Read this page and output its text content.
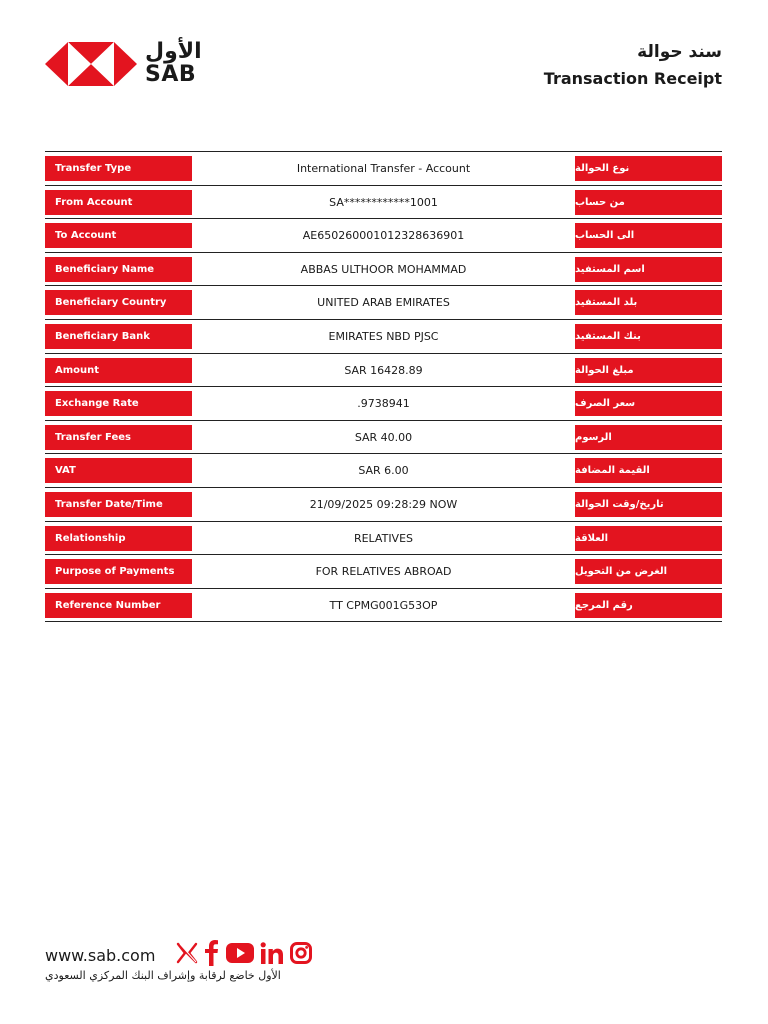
الأول
SAB
سند حوالة
Transaction Receipt
Transfer Type	International Transfer - Account	نوع الحوالة
From Account	SA************1001	من حساب
To Account	AE650260001012328636901	الى الحساب
Beneficiary Name	ABBAS ULTHOOR MOHAMMAD	اسم المستفيد
Beneficiary Country	UNITED ARAB EMIRATES	بلد المستفيد
Beneficiary Bank	EMIRATES NBD PJSC	بنك المستفيد
Amount	SAR 16428.89	مبلغ الحوالة
Exchange Rate	.9738941	سعر الصرف
Transfer Fees	SAR 40.00	الرسوم
VAT	SAR 6.00	القيمة المضافة
Transfer Date/Time	21/09/2025 09:28:29 NOW	تاريخ/وقت الحوالة
Relationship	RELATIVES	العلاقة
Purpose of Payments	FOR RELATIVES ABROAD	الغرض من التحويل
Reference Number	TT CPMG001G53OP	رقم المرجع
www.sab.com
الأول خاضع لرقابة وإشراف البنك المركزي السعودي
